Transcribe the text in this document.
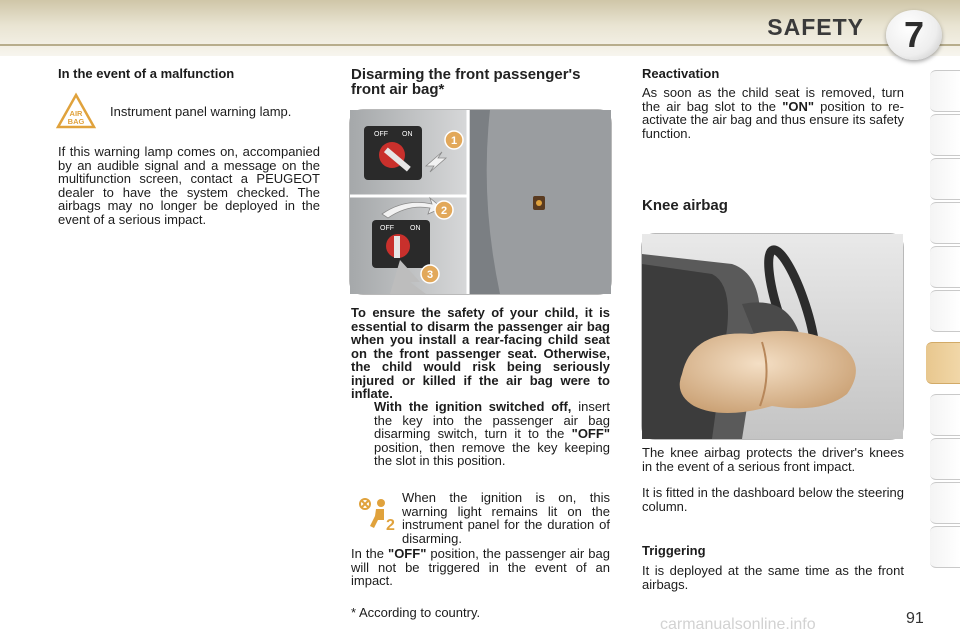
SAFETY	7
In the event of a malfunction
AIR
BAG
Instrument panel warning lamp.
If this warning lamp comes on, accompanied by an audible signal and a message on the multifunction screen, contact a PEUGEOT dealer to have the system checked. The airbags may no longer be deployed in the event of a serious impact.
Disarming the front passenger's front air bag*
OFF ON
1
2
OFF ON
3
To ensure the safety of your child, it is essential to disarm the passenger air bag when you install a rear-facing child seat on the front passenger seat. Otherwise, the child would risk being seriously injured or killed if the air bag were to inflate.
With the ignition switched off, insert the key into the passenger air bag disarming switch, turn it to the "OFF" position, then remove the key keeping the slot in this position.
2
When the ignition is on, this warning light remains lit on the instrument panel for the duration of disarming.
In the "OFF" position, the passenger air bag will not be triggered in the event of an impact.
* According to country.
Reactivation
As soon as the child seat is removed, turn the air bag slot to the "ON" position to re-activate the air bag and thus ensure its safety function.
Knee airbag
The knee airbag protects the driver's knees in the event of a serious front impact.
It is fitted in the dashboard below the steering column.
Triggering
It is deployed at the same time as the front airbags.
carmanualsonline.info	91
